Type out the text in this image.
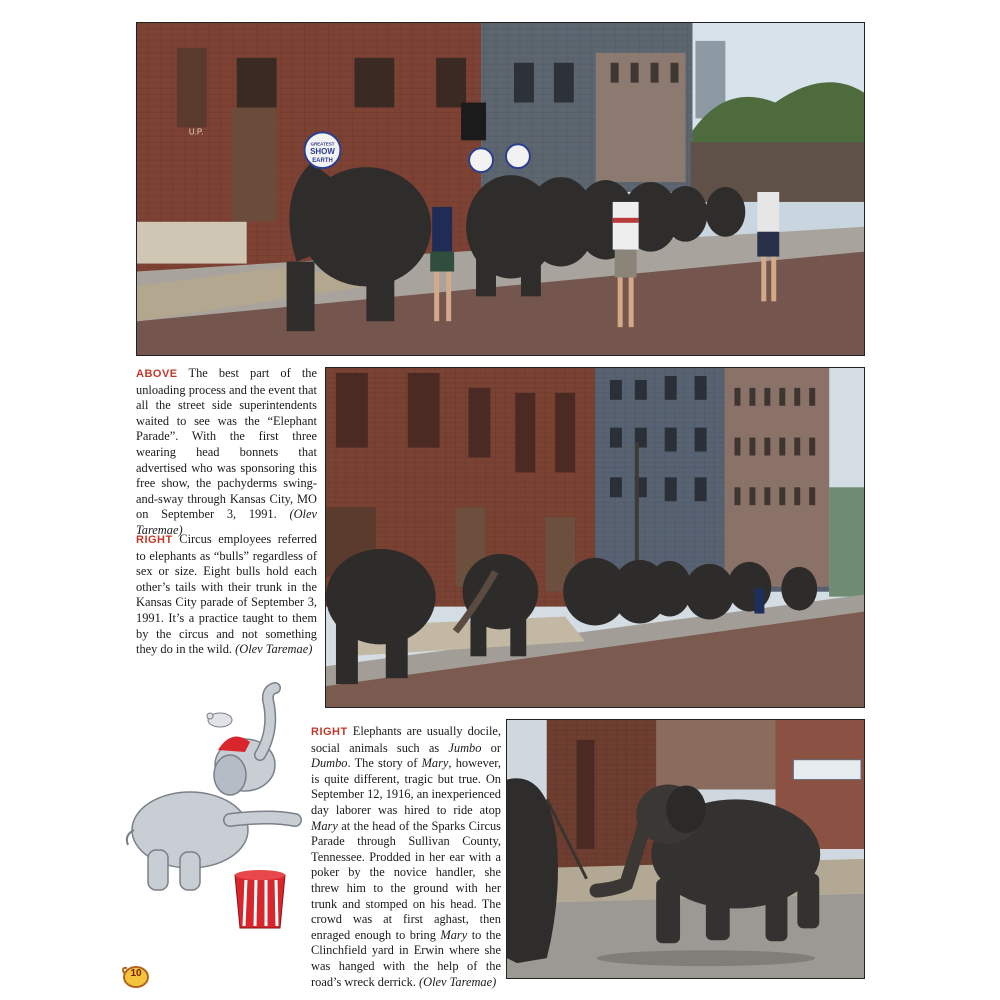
U.P.
GREATEST
SHOW
EARTH

ABOVE The best part of the unloading process and the event that all the street side superintendents waited to see was the “Elephant Parade”. With the first three wearing head bonnets that advertised who was sponsoring this free show, the pachyderms swing-and-sway through Kansas City, MO on September 3, 1991. (Olev Taremae)

RIGHT Circus employees referred to elephants as “bulls” regardless of sex or size. Eight bulls hold each other’s tails with their trunk in the Kansas City parade of September 3, 1991. It’s a practice taught to them by the circus and not something they do in the wild. (Olev Taremae)

RIGHT Elephants are usually docile, social animals such as Jumbo or Dumbo. The story of Mary, however, is quite different, tragic but true. On September 12, 1916, an inexperienced day laborer was hired to ride atop Mary at the head of the Sparks Circus Parade through Sullivan County, Tennessee. Prodded in her ear with a poker by the novice handler, she threw him to the ground with her trunk and stomped on his head. The crowd was at first aghast, then enraged enough to bring Mary to the Clinchfield yard in Erwin where she was hanged with the help of the road’s wreck derrick. (Olev Taremae)

10
